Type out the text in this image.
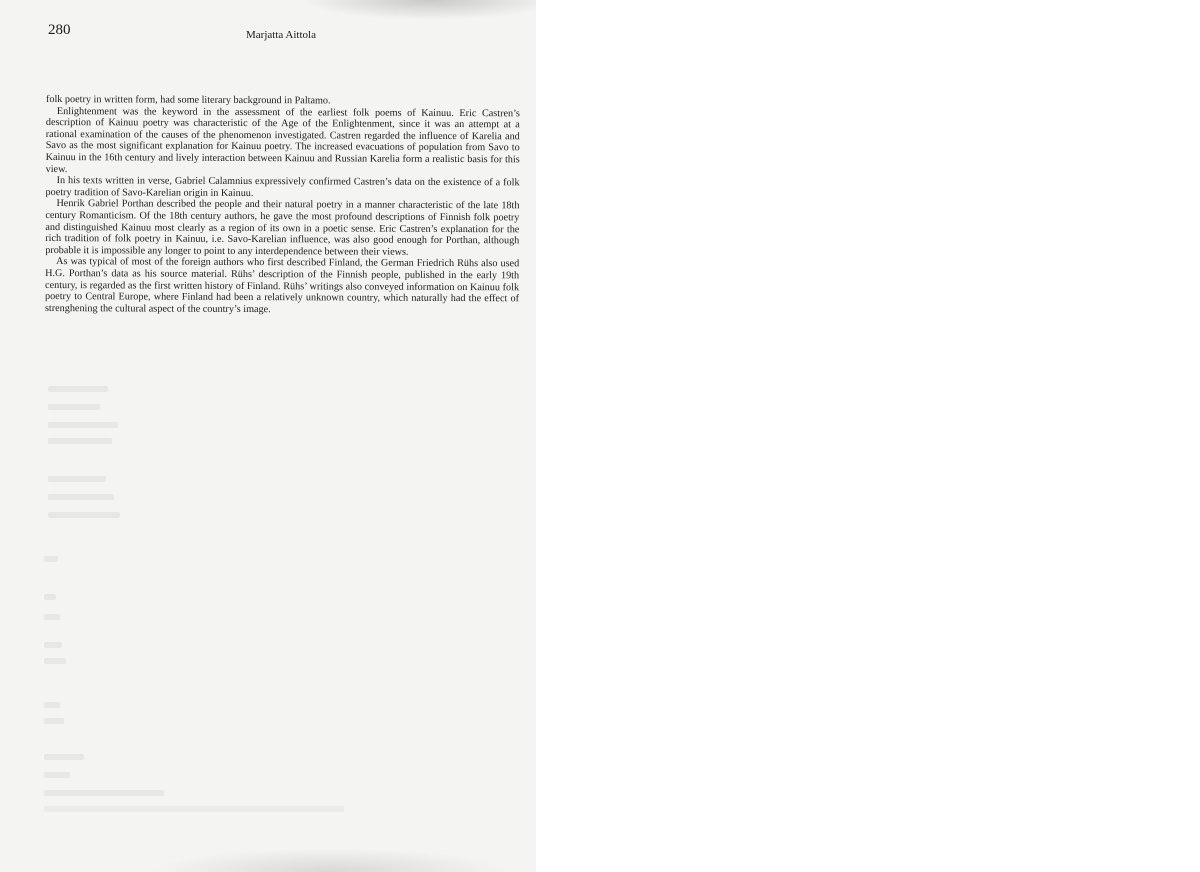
280	Marjatta Aittola

folk poetry in written form, had some literary background in Paltamo.

Enlightenment was the keyword in the assessment of the earliest folk poems of Kainuu. Eric Castren’s description of Kainuu poetry was characteristic of the Age of the Enlightenment, since it was an attempt at a rational examination of the causes of the phenomenon investigated. Castren regarded the influence of Karelia and Savo as the most significant explanation for Kainuu poetry. The increased evacuations of population from Savo to Kainuu in the 16th century and lively interaction between Kainuu and Russian Karelia form a realistic basis for this view.

In his texts written in verse, Gabriel Calamnius expressively confirmed Castren’s data on the existence of a folk poetry tradition of Savo-Karelian origin in Kainuu.

Henrik Gabriel Porthan described the people and their natural poetry in a manner characteristic of the late 18th century Romanticism. Of the 18th century authors, he gave the most profound descriptions of Finnish folk poetry and distinguished Kainuu most clearly as a region of its own in a poetic sense. Eric Castren’s explanation for the rich tradition of folk poetry in Kainuu, i.e. Savo-Karelian influence, was also good enough for Porthan, although probable it is impossible any longer to point to any interdependence between their views.

As was typical of most of the foreign authors who first described Finland, the German Friedrich Rühs also used H.G. Porthan’s data as his source material. Rühs’ description of the Finnish people, published in the early 19th century, is regarded as the first written history of Finland. Rühs’ writings also conveyed information on Kainuu folk poetry to Central Europe, where Finland had been a relatively unknown country, which naturally had the effect of strenghening the cultural aspect of the country’s image.
